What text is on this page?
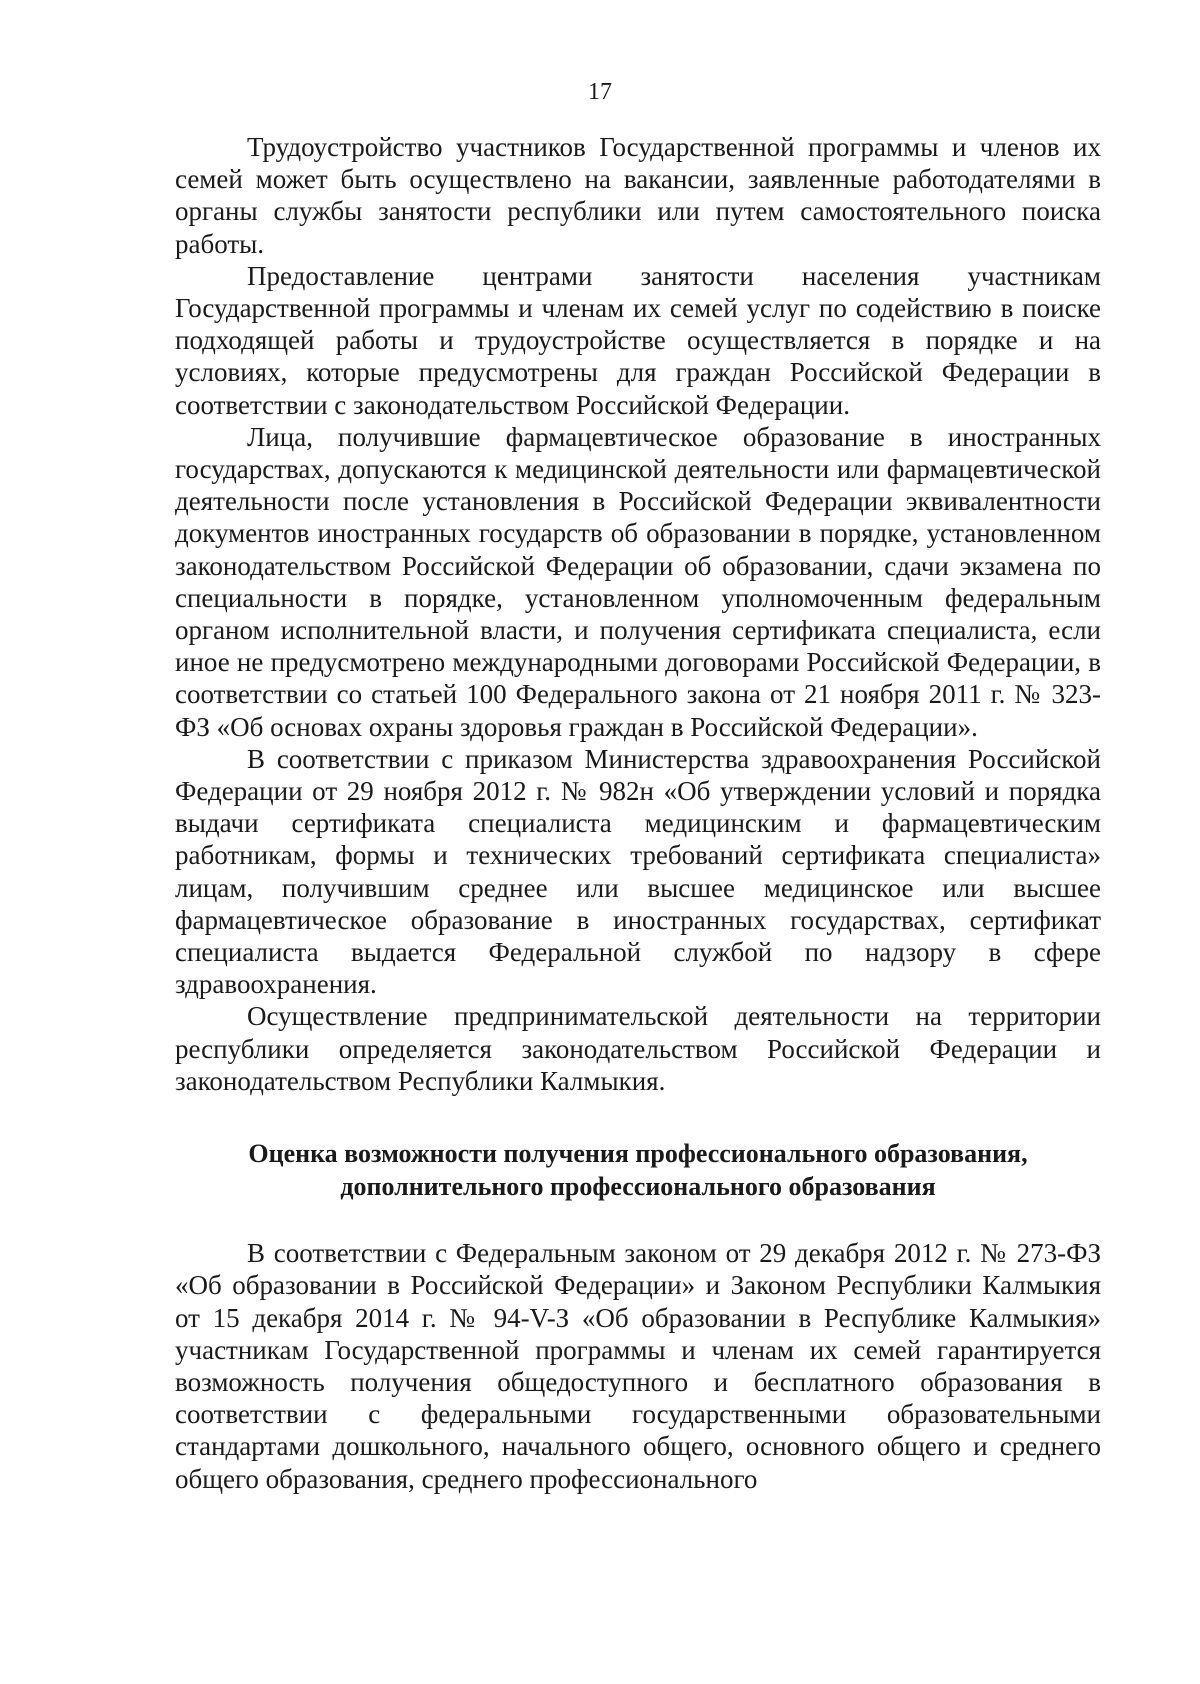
17

Трудоустройство участников Государственной программы и членов их семей может быть осуществлено на вакансии, заявленные работодателями в органы службы занятости республики или путем самостоятельного поиска работы.

Предоставление центрами занятости населения участникам Государственной программы и членам их семей услуг по содействию в поиске подходящей работы и трудоустройстве осуществляется в порядке и на условиях, которые предусмотрены для граждан Российской Федерации в соответствии с законодательством Российской Федерации.

Лица, получившие фармацевтическое образование в иностранных государствах, допускаются к медицинской деятельности или фармацевтической деятельности после установления в Российской Федерации эквивалентности документов иностранных государств об образовании в порядке, установленном законодательством Российской Федерации об образовании, сдачи экзамена по специальности в порядке, установленном уполномоченным федеральным органом исполнительной власти, и получения сертификата специалиста, если иное не предусмотрено международными договорами Российской Федерации, в соответствии со статьей 100 Федерального закона от 21 ноября 2011 г. № 323-ФЗ «Об основах охраны здоровья граждан в Российской Федерации».

В соответствии с приказом Министерства здравоохранения Российской Федерации от 29 ноября 2012 г. № 982н «Об утверждении условий и порядка выдачи сертификата специалиста медицинским и фармацевтическим работникам, формы и технических требований сертификата специалиста» лицам, получившим среднее или высшее медицинское или высшее фармацевтическое образование в иностранных государствах, сертификат специалиста выдается Федеральной службой по надзору в сфере здравоохранения.

Осуществление предпринимательской деятельности на территории республики определяется законодательством Российской Федерации и законодательством Республики Калмыкия.

Оценка возможности получения профессионального образования,
дополнительного профессионального образования

В соответствии с Федеральным законом от 29 декабря 2012 г. № 273-ФЗ «Об образовании в Российской Федерации» и Законом Республики Калмыкия от 15 декабря 2014 г. № 94-V-З «Об образовании в Республике Калмыкия» участникам Государственной программы и членам их семей гарантируется возможность получения общедоступного и бесплатного образования в соответствии с федеральными государственными образовательными стандартами дошкольного, начального общего, основного общего и среднего общего образования, среднего профессионального
